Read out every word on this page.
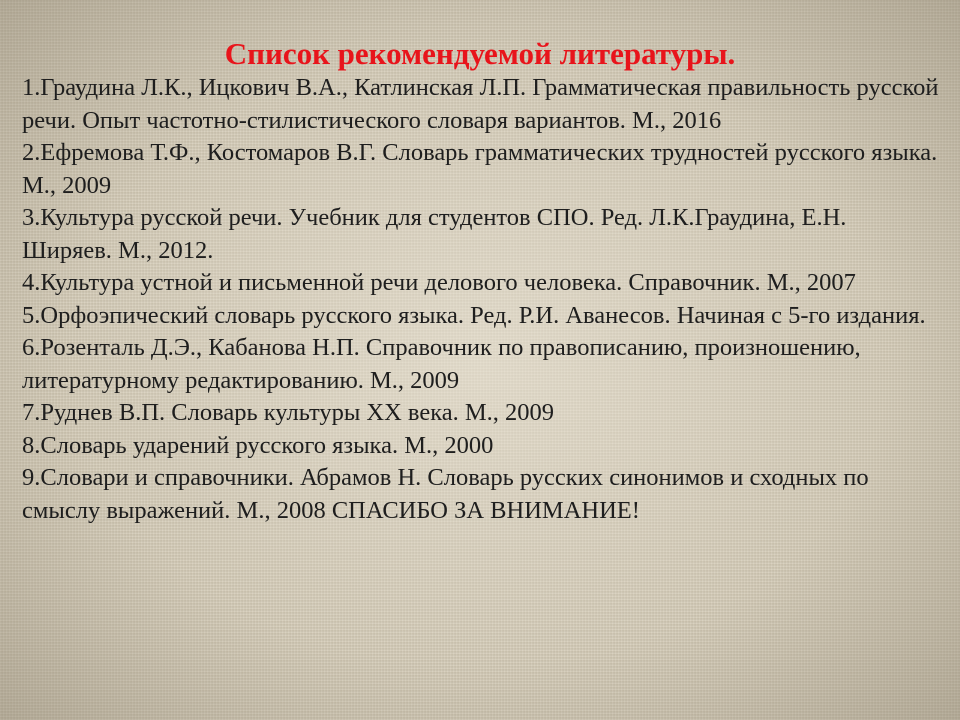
Список рекомендуемой литературы.
1.Граудина Л.К., Ицкович В.А., Катлинская Л.П. Грамматическая правильность русской речи. Опыт частотно-стилистического словаря вариантов. М., 2016
2.Ефремова Т.Ф., Костомаров В.Г. Словарь грамматических трудностей русского языка. М., 2009
3.Культура русской речи. Учебник для студентов СПО. Ред. Л.К.Граудина, Е.Н. Ширяев. М., 2012.
4.Культура устной и письменной речи делового человека. Справочник. М., 2007
5.Орфоэпический словарь русского языка. Ред. Р.И. Аванесов. Начиная с 5-го издания.
6.Розенталь Д.Э., Кабанова Н.П. Справочник по правописанию, произношению, литературному редактированию. М., 2009
7.Руднев В.П. Словарь культуры XX века. М., 2009
8.Словарь ударений русского языка. М., 2000
9.Словари и справочники. Абрамов Н. Словарь русских синонимов и сходных по смыслу выражений. М., 2008 СПАСИБО ЗА ВНИМАНИЕ!
